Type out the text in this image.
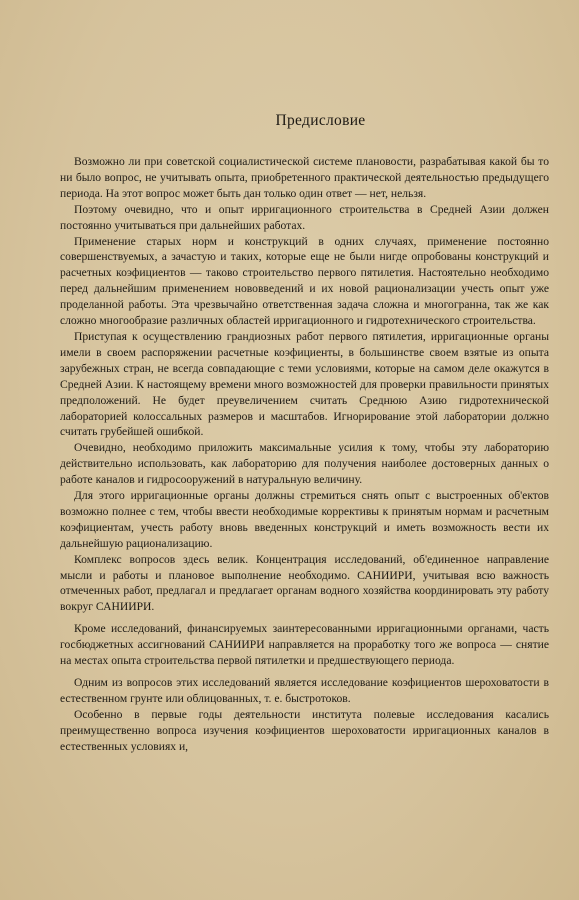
Предисловие

Возможно ли при советской социалистической системе плановости, разрабатывая какой бы то ни было вопрос, не учитывать опыта, приобретенного практической деятельностью предыдущего периода. На этот вопрос может быть дан только один ответ — нет, нельзя.

Поэтому очевидно, что и опыт ирригационного строительства в Средней Азии должен постоянно учитываться при дальнейших работах.

Применение старых норм и конструкций в одних случаях, применение постоянно совершенствуемых, а зачастую и таких, которые еще не были нигде опробованы конструкций и расчетных коэфициентов — таково строительство первого пятилетия. Настоятельно необходимо перед дальнейшим применением нововведений и их новой рационализации учесть опыт уже проделанной работы. Эта чрезвычайно ответственная задача сложна и многогранна, так же как сложно многообразие различных областей ирригационного и гидротехнического строительства.

Приступая к осуществлению грандиозных работ первого пятилетия, ирригационные органы имели в своем распоряжении расчетные коэфициенты, в большинстве своем взятые из опыта зарубежных стран, не всегда совпадающие с теми условиями, которые на самом деле окажутся в Средней Азии. К настоящему времени много возможностей для проверки правильности принятых предположений. Не будет преувеличением считать Среднюю Азию гидротехнической лабораторией колоссальных размеров и масштабов. Игнорирование этой лаборатории должно считать грубейшей ошибкой.

Очевидно, необходимо приложить максимальные усилия к тому, чтобы эту лабораторию действительно использовать, как лабораторию для получения наиболее достоверных данных о работе каналов и гидросооружений в натуральную величину.

Для этого ирригационные органы должны стремиться снять опыт с выстроенных об'ектов возможно полнее с тем, чтобы ввести необходимые коррективы к принятым нормам и расчетным коэфициентам, учесть работу вновь введенных конструкций и иметь возможность вести их дальнейшую рационализацию.

Комплекс вопросов здесь велик. Концентрация исследований, об'единенное направление мысли и работы и плановое выполнение необходимо. САНИИРИ, учитывая всю важность отмеченных работ, предлагал и предлагает органам водного хозяйства координировать эту работу вокруг САНИИРИ.

Кроме исследований, финансируемых заинтересованными ирригационными органами, часть госбюджетных ассигнований САНИИРИ направляется на проработку того же вопроса — снятие на местах опыта строительства первой пятилетки и предшествующего периода.

Одним из вопросов этих исследований является исследование коэфициентов шероховатости в естественном грунте или облицованных, т. е. быстротоков.

Особенно в первые годы деятельности института полевые исследования касались преимущественно вопроса изучения коэфициентов шероховатости ирригационных каналов в естественных условиях и,
